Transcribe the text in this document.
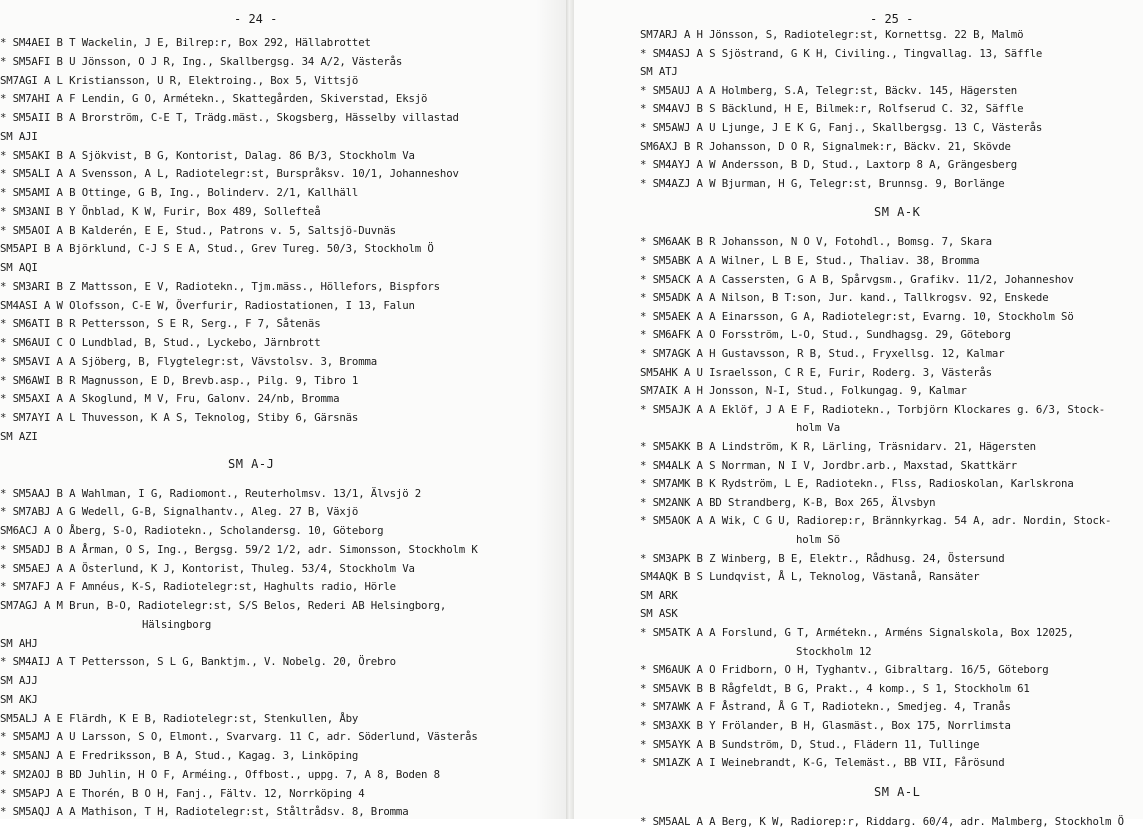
- 24 -
* SM4AEI B T Wackelin, J E, Bilrep:r, Box 292, Hällabrottet
* SM5AFI B U Jönsson, O J R, Ing., Skallbergsg. 34 A/2, Västerås
SM7AGI A L Kristiansson, U R, Elektroing., Box 5, Vittsjö
* SM7AHI A F Lendin, G O, Armétekn., Skattegården, Skiverstad, Eksjö
* SM5AII B A Brorström, C-E T, Trädg.mäst., Skogsberg, Hässelby villastad
SM AJI
* SM5AKI B A Sjökvist, B G, Kontorist, Dalag. 86 B/3, Stockholm Va
* SM5ALI A A Svensson, A L, Radiotelegr:st, Burspråksv. 10/1, Johanneshov
* SM5AMI A B Ottinge, G B, Ing., Bolinderv. 2/1, Kallhäll
* SM3ANI B Y Önblad, K W, Furir, Box 489, Sollefteå
* SM5AOI A B Kalderén, E E, Stud., Patrons v. 5, Saltsjö-Duvnäs
SM5API B A Björklund, C-J S E A, Stud., Grev Tureg. 50/3, Stockholm Ö
SM AQI
* SM3ARI B Z Mattsson, E V, Radiotekn., Tjm.mäss., Höllefors, Bispfors
SM4ASI A W Olofsson, C-E W, Överfurir, Radiostationen, I 13, Falun
* SM6ATI B R Pettersson, S E R, Serg., F 7, Såtenäs
* SM6AUI C O Lundblad, B, Stud., Lyckebo, Järnbrott
* SM5AVI A A Sjöberg, B, Flygtelegr:st, Vävstolsv. 3, Bromma
* SM6AWI B R Magnusson, E D, Brevb.asp., Pilg. 9, Tibro 1
* SM5AXI A A Skoglund, M V, Fru, Galonv. 24/nb, Bromma
* SM7AYI A L Thuvesson, K A S, Teknolog, Stiby 6, Gärsnäs
SM AZI
SM A-J
* SM5AAJ B A Wahlman, I G, Radiomont., Reuterholmsv. 13/1, Älvsjö 2
* SM7ABJ A G Wedell, G-B, Signalhantv., Aleg. 27 B, Växjö
SM6ACJ A O Åberg, S-O, Radiotekn., Scholandersg. 10, Göteborg
* SM5ADJ B A Årman, O S, Ing., Bergsg. 59/2 1/2, adr. Simonsson, Stockholm K
* SM5AEJ A A Österlund, K J, Kontorist, Thuleg. 53/4, Stockholm Va
* SM7AFJ A F Amnéus, K-S, Radiotelegr:st, Haghults radio, Hörle
SM7AGJ A M Brun, B-O, Radiotelegr:st, S/S Belos, Rederi AB Helsingborg,
Hälsingborg
SM AHJ
* SM4AIJ A T Pettersson, S L G, Banktjm., V. Nobelg. 20, Örebro
SM AJJ
SM AKJ
SM5ALJ A E Flärdh, K E B, Radiotelegr:st, Stenkullen, Åby
* SM5AMJ A U Larsson, S O, Elmont., Svarvarg. 11 C, adr. Söderlund, Västerås
* SM5ANJ A E Fredriksson, B A, Stud., Kagag. 3, Linköping
* SM2AOJ B BD Juhlin, H O F, Arméing., Offbost., uppg. 7, A 8, Boden 8
* SM5APJ A E Thorén, B O H, Fanj., Fältv. 12, Norrköping 4
* SM5AQJ A A Mathison, T H, Radiotelegr:st, Ståltrådsv. 8, Bromma
- 25 -
SM7ARJ A H Jönsson, S, Radiotelegr:st, Kornettsg. 22 B, Malmö
* SM4ASJ A S Sjöstrand, G K H, Civiling., Tingvallag. 13, Säffle
SM ATJ
* SM5AUJ A A Holmberg, S.A, Telegr:st, Bäckv. 145, Hägersten
* SM4AVJ B S Bäcklund, H E, Bilmek:r, Rolfserud C. 32, Säffle
* SM5AWJ A U Ljunge, J E K G, Fanj., Skallbergsg. 13 C, Västerås
SM6AXJ B R Johansson, D O R, Signalmek:r, Bäckv. 21, Skövde
* SM4AYJ A W Andersson, B D, Stud., Laxtorp 8 A, Grängesberg
* SM4AZJ A W Bjurman, H G, Telegr:st, Brunnsg. 9, Borlänge
SM A-K
* SM6AAK B R Johansson, N O V, Fotohdl., Bomsg. 7, Skara
* SM5ABK A A Wilner, L B E, Stud., Thaliav. 38, Bromma
* SM5ACK A A Cassersten, G A B, Spårvgsm., Grafikv. 11/2, Johanneshov
* SM5ADK A A Nilson, B T:son, Jur. kand., Tallkrogsv. 92, Enskede
* SM5AEK A A Einarsson, G A, Radiotelegr:st, Evarng. 10, Stockholm Sö
* SM6AFK A O Forsström, L-O, Stud., Sundhagsg. 29, Göteborg
* SM7AGK A H Gustavsson, R B, Stud., Fryxellsg. 12, Kalmar
SM5AHK A U Israelsson, C R E, Furir, Roderg. 3, Västerås
SM7AIK A H Jonsson, N-I, Stud., Folkungag. 9, Kalmar
* SM5AJK A A Eklöf, J A E F, Radiotekn., Torbjörn Klockares g. 6/3, Stock-
holm Va
* SM5AKK B A Lindström, K R, Lärling, Träsnidarv. 21, Hägersten
* SM4ALK A S Norrman, N I V, Jordbr.arb., Maxstad, Skattkärr
* SM7AMK B K Rydström, L E, Radiotekn., Flss, Radioskolan, Karlskrona
* SM2ANK A BD Strandberg, K-B, Box 265, Älvsbyn
* SM5AOK A A Wik, C G U, Radiorep:r, Brännkyrkag. 54 A, adr. Nordin, Stock-
holm Sö
* SM3APK B Z Winberg, B E, Elektr., Rådhusg. 24, Östersund
SM4AQK B S Lundqvist, Å L, Teknolog, Västanå, Ransäter
SM ARK
SM ASK
* SM5ATK A A Forslund, G T, Armétekn., Arméns Signalskola, Box 12025,
Stockholm 12
* SM6AUK A O Fridborn, O H, Tyghantv., Gibraltarg. 16/5, Göteborg
* SM5AVK B B Rågfeldt, B G, Prakt., 4 komp., S 1, Stockholm 61
* SM7AWK A F Åstrand, Å G T, Radiotekn., Smedjeg. 4, Tranås
* SM3AXK B Y Frölander, B H, Glasmäst., Box 175, Norrlimsta
* SM5AYK A B Sundström, D, Stud., Flädern 11, Tullinge
* SM1AZK A I Weinebrandt, K-G, Telemäst., BB VII, Fårösund
SM A-L
* SM5AAL A A Berg, K W, Radiorep:r, Riddarg. 60/4, adr. Malmberg, Stockholm Ö
